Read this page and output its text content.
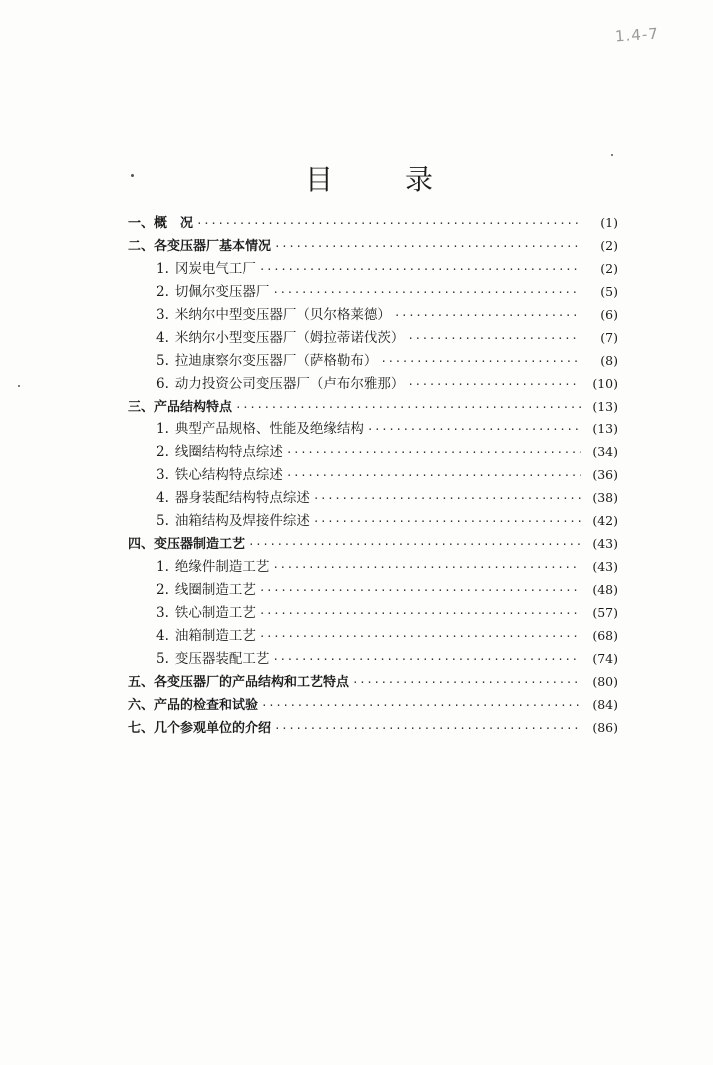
1.4-7
目	录
一、概　况 ·····	(1)
二、各变压器厂基本情况 ·····	(2)
1. 冈炭电气工厂 ·····	(2)
2. 切佩尔变压器厂 ·····	(5)
3. 米纳尔中型变压器厂（贝尔格莱德） ·····	(6)
4. 米纳尔小型变压器厂（姆拉蒂诺伐茨） ·····	(7)
5. 拉迪康察尔变压器厂（萨格勒布） ·····	(8)
6. 动力投资公司变压器厂（卢布尔雅那） ·····	(10)
三、产品结构特点 ·····	(13)
1. 典型产品规格、性能及绝缘结构 ·····	(13)
2. 线圈结构特点综述 ·····	(34)
3. 铁心结构特点综述 ·····	(36)
4. 器身装配结构特点综述 ·····	(38)
5. 油箱结构及焊接件综述 ·····	(42)
四、变压器制造工艺 ·····	(43)
1. 绝缘件制造工艺 ·····	(43)
2. 线圈制造工艺 ·····	(48)
3. 铁心制造工艺 ·····	(57)
4. 油箱制造工艺 ·····	(68)
5. 变压器装配工艺 ·····	(74)
五、各变压器厂的产品结构和工艺特点 ·····	(80)
六、产品的检查和试验 ·····	(84)
七、几个参观单位的介绍 ·····	(86)
